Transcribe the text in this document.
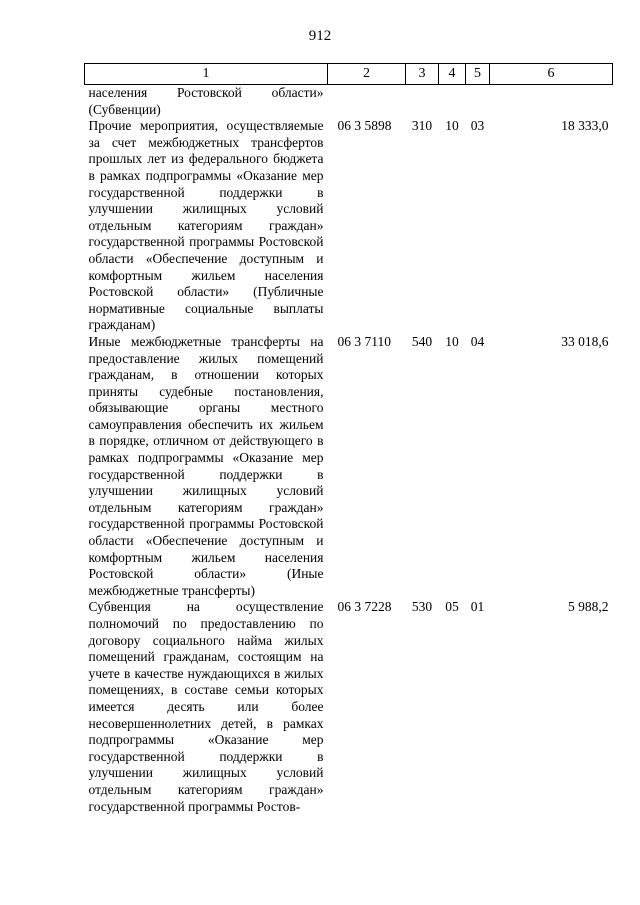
912
1	2	3	4	5	6
населения Ростовской области» (Субвенции)					
Прочие мероприятия, осуществляемые за счет межбюджетных трансфертов прошлых лет из федерального бюджета в рамках подпрограммы «Оказание мер государственной поддержки в улучшении жилищных условий отдельным категориям граждан» государственной программы Ростовской области «Обеспечение доступным и комфортным жильем населения Ростовской области» (Публичные нормативные социальные выплаты гражданам)	06 3 5898	310	10	03	18 333,0
Иные межбюджетные трансферты на предоставление жилых помещений гражданам, в отношении которых приняты судебные постановления, обязывающие органы местного самоуправления обеспечить их жильем в порядке, отличном от действующего в рамках подпрограммы «Оказание мер государственной поддержки в улучшении жилищных условий отдельным категориям граждан» государственной программы Ростовской области «Обеспечение доступным и комфортным жильем населения Ростовской области» (Иные межбюджетные трансферты)	06 3 7110	540	10	04	33 018,6
Субвенция на осуществление полномочий по предоставлению по договору социального найма жилых помещений гражданам, состоящим на учете в качестве нуждающихся в жилых помещениях, в составе семьи которых имеется десять или более несовершеннолетних детей, в рамках подпрограммы «Оказание мер государственной поддержки в улучшении жилищных условий отдельным категориям граждан» государственной программы Ростов-	06 3 7228	530	05	01	5 988,2
